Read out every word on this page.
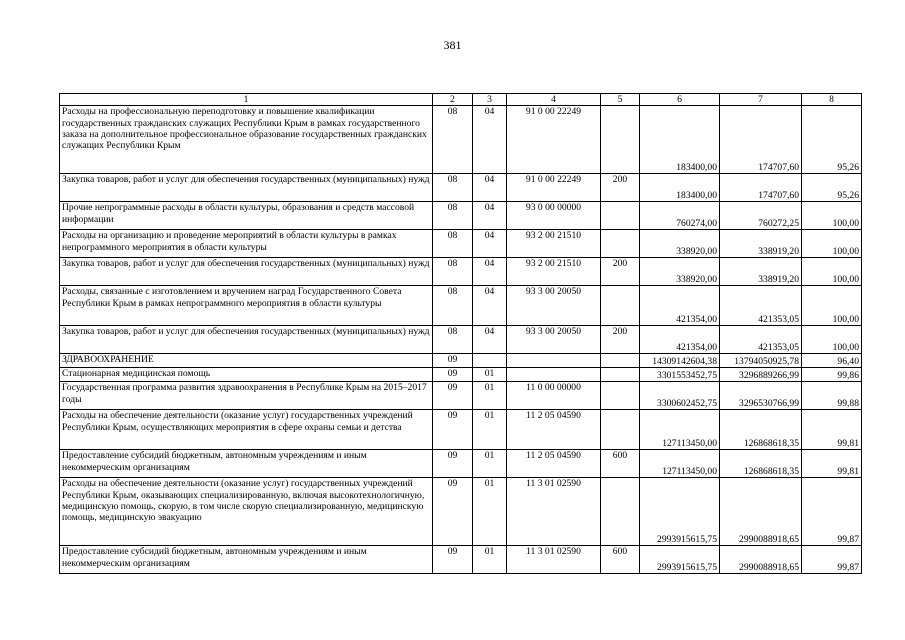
381
1	2	3	4	5	6	7	8
Расходы на профессиональную переподготовку и повышение квалификации государственных гражданских служащих Республики Крым в рамках государственного заказа на дополнительное профессиональное образование государственных гражданских служащих Республики Крым	08	04	91 0 00 22249		183400,00	174707,60	95,26
Закупка товаров, работ и услуг для обеспечения государственных (муниципальных) нужд	08	04	91 0 00 22249	200	183400,00	174707,60	95,26
Прочие непрограммные расходы в области культуры, образования и средств массовой информации	08	04	93 0 00 00000		760274,00	760272,25	100,00
Расходы на организацию и проведение мероприятий в области культуры в рамках непрограммного мероприятия в области культуры	08	04	93 2 00 21510		338920,00	338919,20	100,00
Закупка товаров, работ и услуг для обеспечения государственных (муниципальных) нужд	08	04	93 2 00 21510	200	338920,00	338919,20	100,00
Расходы, связанные с изготовлением и вручением наград Государственного Совета Республики Крым в рамках непрограммного мероприятия в области культуры	08	04	93 3 00 20050		421354,00	421353,05	100,00
Закупка товаров, работ и услуг для обеспечения государственных (муниципальных) нужд	08	04	93 3 00 20050	200	421354,00	421353,05	100,00
ЗДРАВООХРАНЕНИЕ	09				14309142604,38	13794050925,78	96,40
Стационарная медицинская помощь	09	01			3301553452,75	3296889266,99	99,86
Государственная программа развития здравоохранения в Республике Крым на 2015–2017 годы	09	01	11 0 00 00000		3300602452,75	3296530766,99	99,88
Расходы на обеспечение деятельности (оказание услуг) государственных учреждений Республики Крым, осуществляющих мероприятия в сфере охраны семьи и детства	09	01	11 2 05 04590		127113450,00	126868618,35	99,81
Предоставление субсидий бюджетным, автономным учреждениям и иным некоммерческим организациям	09	01	11 2 05 04590	600	127113450,00	126868618,35	99,81
Расходы на обеспечение деятельности (оказание услуг) государственных учреждений Республики Крым, оказывающих специализированную, включая высокотехнологичную, медицинскую помощь, скорую, в том числе скорую специализированную, медицинскую помощь, медицинскую эвакуацию	09	01	11 3 01 02590		2993915615,75	2990088918,65	99,87
Предоставление субсидий бюджетным, автономным учреждениям и иным некоммерческим организациям	09	01	11 3 01 02590	600	2993915615,75	2990088918,65	99,87
